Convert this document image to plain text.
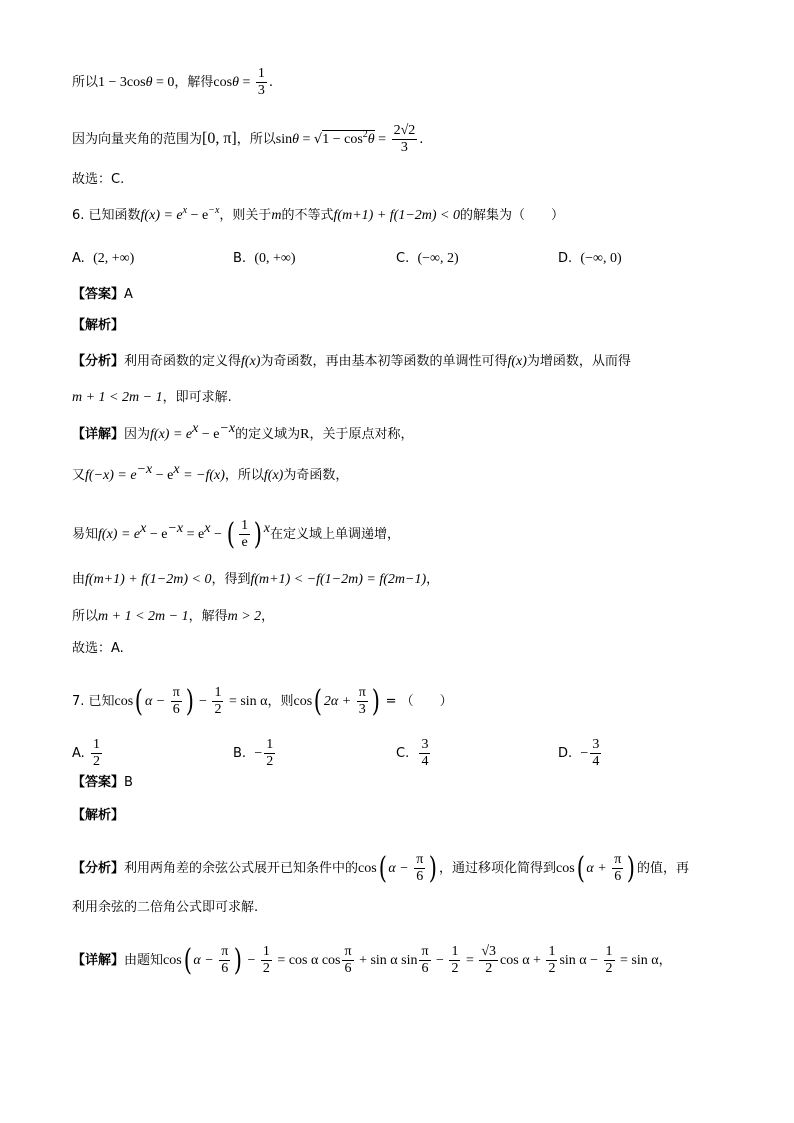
所以1 − 3cosθ = 0，解得$\cos\theta = \frac{1}{3}$ .
因为向量夹角的范围为[0, π]，所以$\sin\theta = √1 - \cos^2\theta = \frac{2√2}{3}$ .
故选：C.
6. 已知函数$f(x) = e^x - e^{-x}$，则关于m的不等式f(m+1) + f(1−2m) < 0的解集为（　　）
A. (2, +∞)	B. (0, +∞)	C. (−∞, 2)	D. (−∞, 0)
【答案】A
【解析】
【分析】利用奇函数的定义得f(x)为奇函数，再由基本初等函数的单调性可得f(x)为增函数，从而得
m + 1 < 2m − 1，即可求解.
【详解】因为$f(x) = e^x - e^{-x}$的定义域为R，关于原点对称，
又$f(-x) = e^{-x} - e^x = -f(x)$，所以f(x)为奇函数，
易知$f(x) = e^x - e^{-x} = e^x$ − ( $\frac{1}{e}$ ) $^x$在定义域上单调递增，
由f(m+1) + f(1−2m) < 0，得到f(m+1) < −f(1−2m) = f(2m−1)，
所以m + 1 < 2m − 1，解得m > 2，
故选：A.
7. 已知cos( $\alpha - \frac{\pi}{6}$ ) − $\frac{1}{2} = \sin \alpha$，则cos( $2\alpha + \frac{\pi}{3}$ ) = （　　）
A. $\frac{1}{2}$	B. − $\frac{1}{2}$	C. $\frac{3}{4}$	D. − $\frac{3}{4}$
【答案】B
【解析】
【分析】利用两角差的余弦公式展开已知条件中的cos( $\alpha - \frac{\pi}{6}$ ) ，通过移项化简得到cos( $\alpha + \frac{\pi}{6}$ ) 的值，再
利用余弦的二倍角公式即可求解.
【详解】由题知cos( $\alpha - \frac{\pi}{6}$ ) − $\frac{1}{2} = \cos \alpha$ $\cos \frac{\pi}{6} + \sin \alpha$ $\sin \frac{\pi}{6} - \frac{1}{2} = \frac{√3}{2}$ $\cos \alpha + \frac{1}{2}$ $\sin \alpha - \frac{1}{2} = \sin \alpha$，
